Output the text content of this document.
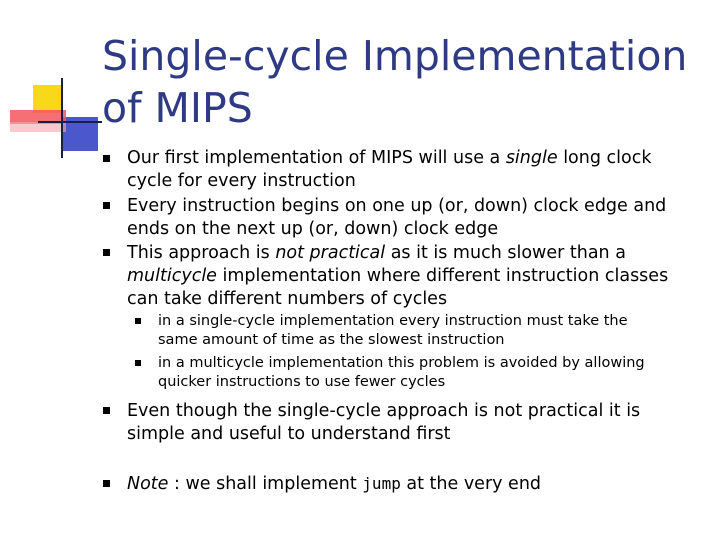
Single-cycle Implementation of MIPS
Our first implementation of MIPS will use a single long clock cycle for every instruction
Every instruction begins on one up (or, down) clock edge and ends on the next up (or, down) clock edge
This approach is not practical as it is much slower than a multicycle implementation where different instruction classes can take different numbers of cycles
in a single-cycle implementation every instruction must take the same amount of time as the slowest instruction
in a multicycle implementation this problem is avoided by allowing quicker instructions to use fewer cycles
Even though the single-cycle approach is not practical it is simple and useful to understand first
Note : we shall implement jump at the very end
